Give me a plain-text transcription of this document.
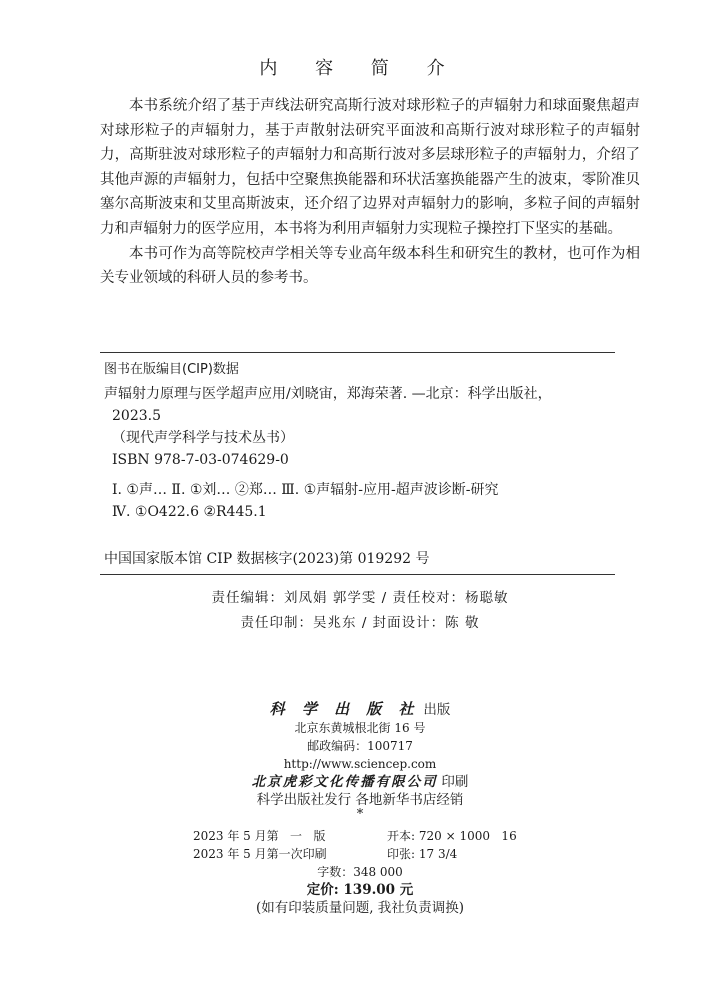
内 容 简 介

本书系统介绍了基于声线法研究高斯行波对球形粒子的声辐射力和球面聚焦超声对球形粒子的声辐射力，基于声散射法研究平面波和高斯行波对球形粒子的声辐射力，高斯驻波对球形粒子的声辐射力和高斯行波对多层球形粒子的声辐射力，介绍了其他声源的声辐射力，包括中空聚焦换能器和环状活塞换能器产生的波束，零阶准贝塞尔高斯波束和艾里高斯波束，还介绍了边界对声辐射力的影响，多粒子间的声辐射力和声辐射力的医学应用，本书将为利用声辐射力实现粒子操控打下坚实的基础。

本书可作为高等院校声学相关等专业高年级本科生和研究生的教材，也可作为相关专业领域的科研人员的参考书。

图书在版编目(CIP)数据
声辐射力原理与医学超声应用/刘晓宙，郑海荣著. —北京：科学出版社，
2023.5
（现代声学科学与技术丛书）
ISBN 978-7-03-074629-0
Ⅰ. ①声… Ⅱ. ①刘… ②郑… Ⅲ. ①声辐射-应用-超声波诊断-研究
Ⅳ. ①O422.6 ②R445.1
中国国家版本馆 CIP 数据核字(2023)第 019292 号
责任编辑：刘凤娟 郭学雯 / 责任校对：杨聪敏
责任印制：吴兆东 / 封面设计：陈 敬
科 学 出 版 社 出版
北京东黄城根北街 16 号
邮政编码：100717
http://www.sciencep.com
北京虎彩文化传播有限公司 印刷
科学出版社发行 各地新华书店经销
*
2023 年 5 月第   一   版	开本: 720 × 1000   16
2023 年 5 月第一次印刷	印张: 17 3/4
字数：348 000
定价: 139.00 元
(如有印装质量问题, 我社负责调换)
